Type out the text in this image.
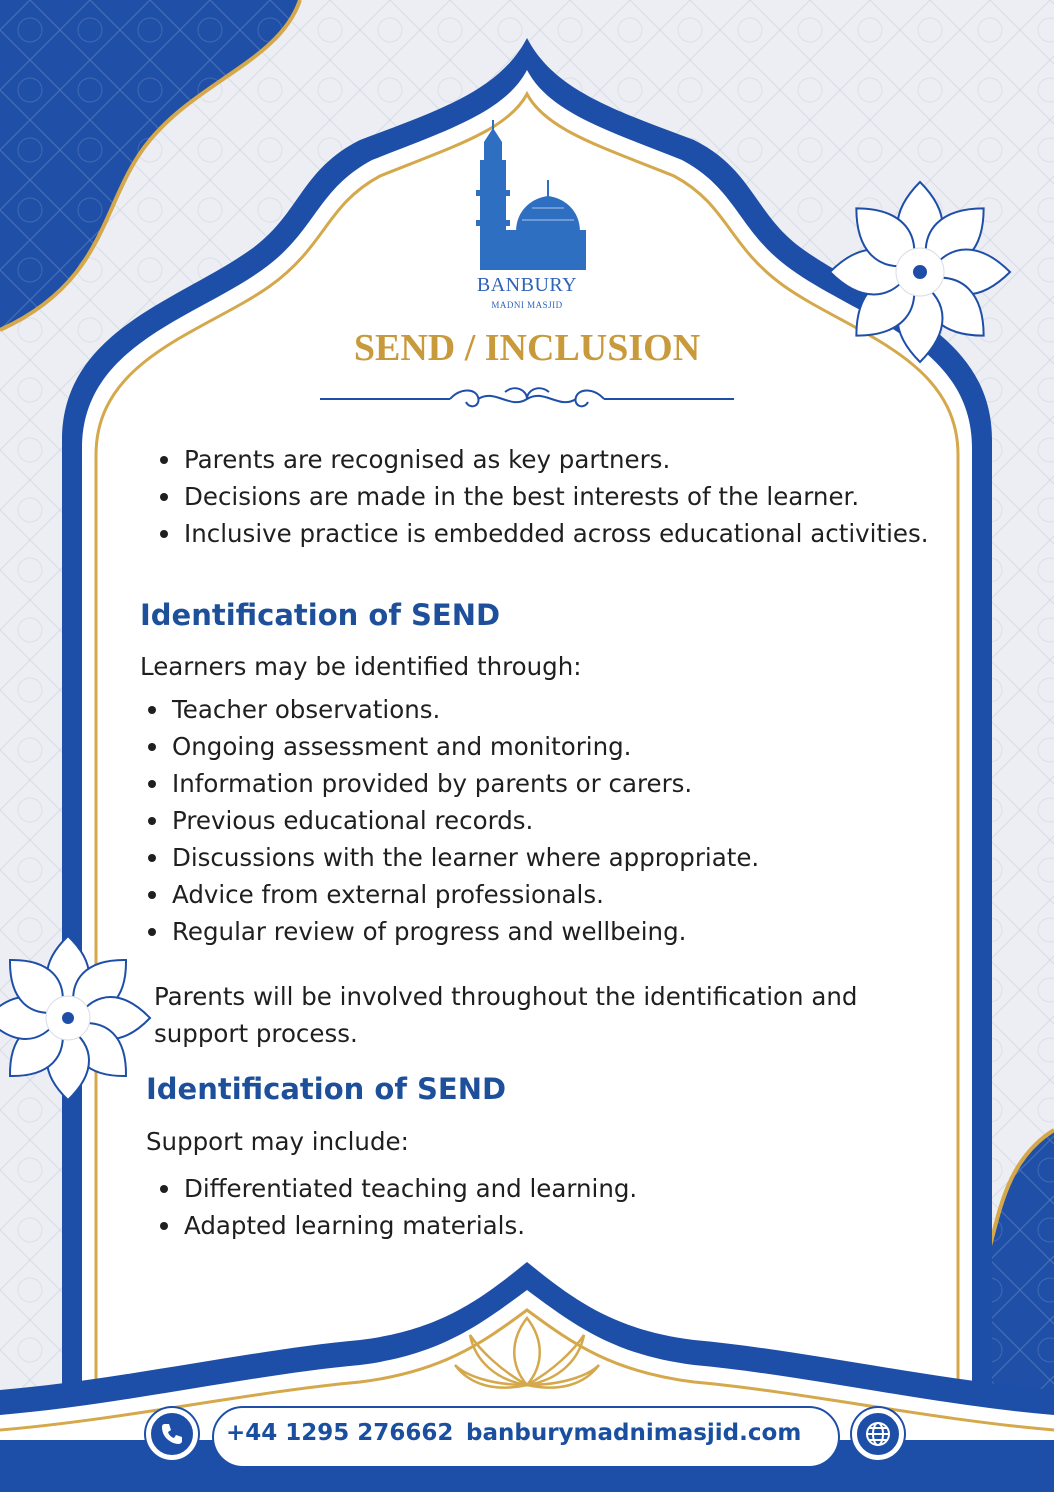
BANBURY
MADNI MASJID
SEND / INCLUSION
Parents are recognised as key partners.
Decisions are made in the best interests of the learner.
Inclusive practice is embedded across educational activities.
Identification of SEND
Learners may be identified through:
Teacher observations.
Ongoing assessment and monitoring.
Information provided by parents or carers.
Previous educational records.
Discussions with the learner where appropriate.
Advice from external professionals.
Regular review of progress and wellbeing.
Parents will be involved throughout the identification and support process.
Identification of SEND
Support may include:
Differentiated teaching and learning.
Adapted learning materials.
+44 1295 276662 banburymadnimasjid.com
